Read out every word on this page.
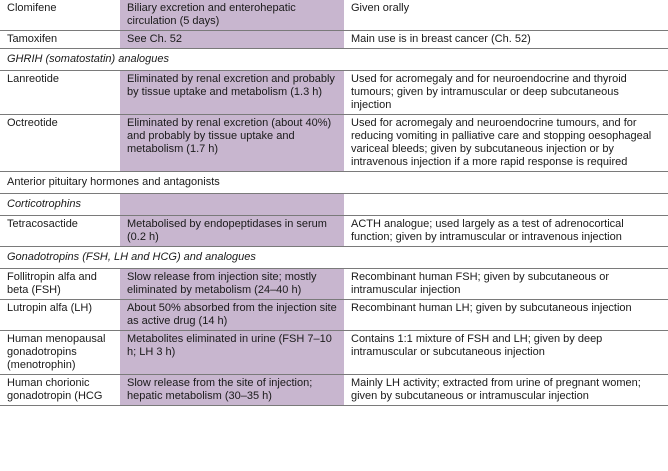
Clomifene	Biliary excretion and enterohepatic circulation (5 days)	Given orally
Tamoxifen	See Ch. 52	Main use is in breast cancer (Ch. 52)
GHRIH (somatostatin) analogues		
Lanreotide	Eliminated by renal excretion and probably by tissue uptake and metabolism (1.3 h)	Used for acromegaly and for neuroendocrine and thyroid tumours; given by intramuscular or deep subcutaneous injection
Octreotide	Eliminated by renal excretion (about 40%) and probably by tissue uptake and metabolism (1.7 h)	Used for acromegaly and neuroendocrine tumours, and for reducing vomiting in palliative care and stopping oesophageal variceal bleeds; given by subcutaneous injection or by intravenous injection if a more rapid response is required
Anterior pituitary hormones and antagonists		
Corticotrophins		
Tetracosactide	Metabolised by endopeptidases in serum (0.2 h)	ACTH analogue; used largely as a test of adrenocortical function; given by intramuscular or intravenous injection
Gonadotropins (FSH, LH and HCG) and analogues		
Follitropin alfa and beta (FSH)	Slow release from injection site; mostly eliminated by metabolism (24–40 h)	Recombinant human FSH; given by subcutaneous or intramuscular injection
Lutropin alfa (LH)	About 50% absorbed from the injection site as active drug (14 h)	Recombinant human LH; given by subcutaneous injection
Human menopausal gonadotropins (menotrophin)	Metabolites eliminated in urine (FSH 7–10 h; LH 3 h)	Contains 1:1 mixture of FSH and LH; given by deep intramuscular or subcutaneous injection
Human chorionic gonadotropin (HCG	Slow release from the site of injection; hepatic metabolism (30–35 h)	Mainly LH activity; extracted from urine of pregnant women; given by subcutaneous or intramuscular injection
